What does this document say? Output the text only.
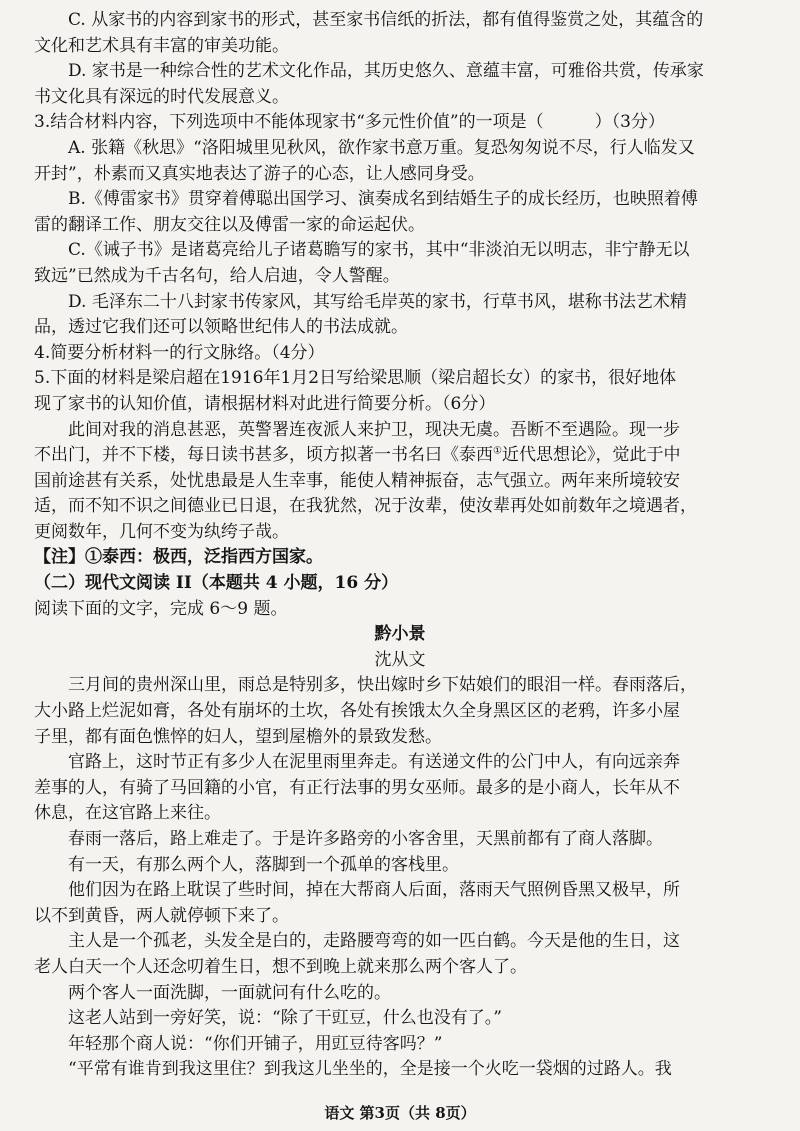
C. 从家书的内容到家书的形式，甚至家书信纸的折法，都有值得鉴赏之处，其蕴含的
文化和艺术具有丰富的审美功能。
D. 家书是一种综合性的艺术文化作品，其历史悠久、意蕴丰富，可雅俗共赏，传承家
书文化具有深远的时代发展意义。
3.结合材料内容，下列选项中不能体现家书“多元性价值”的一项是（　　　）（3分）
A. 张籍《秋思》“洛阳城里见秋风，欲作家书意万重。复恐匆匆说不尽，行人临发又
开封”，朴素而又真实地表达了游子的心态，让人感同身受。
B.《傅雷家书》贯穿着傅聪出国学习、演奏成名到结婚生子的成长经历，也映照着傅
雷的翻译工作、朋友交往以及傅雷一家的命运起伏。
C.《诫子书》是诸葛亮给儿子诸葛瞻写的家书，其中“非淡泊无以明志，非宁静无以
致远”已然成为千古名句，给人启迪，令人警醒。
D. 毛泽东二十八封家书传家风，其写给毛岸英的家书，行草书风，堪称书法艺术精
品，透过它我们还可以领略世纪伟人的书法成就。
4.简要分析材料一的行文脉络。（4分）
5.下面的材料是梁启超在1916年1月2日写给梁思顺（梁启超长女）的家书，很好地体
现了家书的认知价值，请根据材料对此进行简要分析。（6分）
此间对我的消息甚恶，英警署连夜派人来护卫，现决无虞。吾断不至遇险。现一步
不出门，并不下楼，每日读书甚多，顷方拟著一书名曰《泰西①近代思想论》，觉此于中
国前途甚有关系，处忧患最是人生幸事，能使人精神振奋，志气强立。两年来所境较安
适，而不知不识之间德业已日退，在我犹然，况于汝辈，使汝辈再处如前数年之境遇者，
更阅数年，几何不变为纨绔子哉。
【注】①泰西：极西，泛指西方国家。
（二）现代文阅读 II（本题共 4 小题，16 分）
阅读下面的文字，完成 6～9 题。
黔小景
沈从文
三月间的贵州深山里，雨总是特别多，快出嫁时乡下姑娘们的眼泪一样。春雨落后，
大小路上烂泥如膏，各处有崩坏的土坎，各处有挨饿太久全身黑区区的老鸦，许多小屋
子里，都有面色憔悴的妇人，望到屋檐外的景致发愁。
官路上，这时节正有多少人在泥里雨里奔走。有送递文件的公门中人，有向远亲奔
差事的人，有骑了马回籍的小官，有正行法事的男女巫师。最多的是小商人，长年从不
休息，在这官路上来往。
春雨一落后，路上难走了。于是许多路旁的小客舍里，天黑前都有了商人落脚。
有一天，有那么两个人，落脚到一个孤单的客栈里。
他们因为在路上耽误了些时间，掉在大帮商人后面，落雨天气照例昏黑又极早，所
以不到黄昏，两人就停顿下来了。
主人是一个孤老，头发全是白的，走路腰弯弯的如一匹白鹤。今天是他的生日，这
老人白天一个人还念叨着生日，想不到晚上就来那么两个客人了。
两个客人一面洗脚，一面就问有什么吃的。
这老人站到一旁好笑，说：“除了干豇豆，什么也没有了。”
年轻那个商人说：“你们开铺子，用豇豆待客吗？”
“平常有谁肯到我这里住？到我这儿坐坐的，全是接一个火吃一袋烟的过路人。我
语文 第3页（共 8页）
